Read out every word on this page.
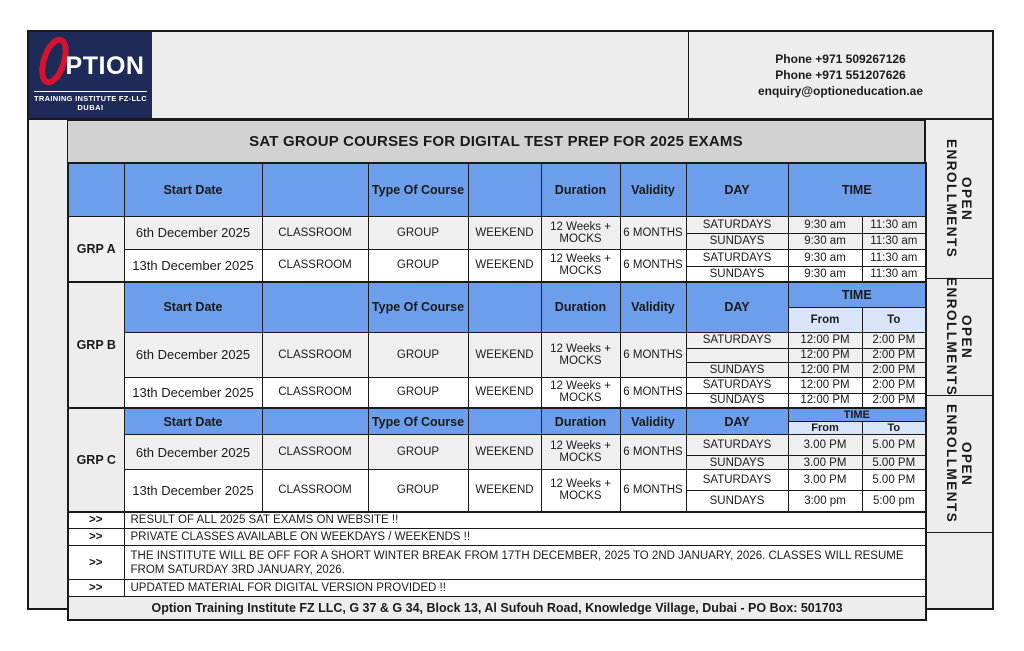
PTION
TRAINING INSTITUTE FZ-LLC
DUBAI
Phone +971 509267126
Phone +971 551207626
enquiry@optioneducation.ae
SAT GROUP COURSES FOR DIGITAL TEST PREP FOR 2025 EXAMS
	Start Date		Type Of Course		Duration	Validity	DAY	TIME	
GRP A	6th December 2025	CLASSROOM	GROUP	WEEKEND	12 Weeks + MOCKS	6 MONTHS	SATURDAYS	9:30 am	11:30 am
							SUNDAYS	9:30 am	11:30 am
	13th December 2025	CLASSROOM	GROUP	WEEKEND	12 Weeks + MOCKS	6 MONTHS	SATURDAYS	9:30 am	11:30 am
							SUNDAYS	9:30 am	11:30 am
GRP B	Start Date		Type Of Course		Duration	Validity	DAY	TIME	
								From	To
	6th December 2025	CLASSROOM	GROUP	WEEKEND	12 Weeks + MOCKS	6 MONTHS	SATURDAYS	12:00 PM	2:00 PM

								12:00 PM	2:00 PM

							SUNDAYS	12:00 PM	2:00 PM
	13th December 2025	CLASSROOM	GROUP	WEEKEND	12 Weeks + MOCKS	6 MONTHS	SATURDAYS	12:00 PM	2:00 PM
							SUNDAYS	12:00 PM	2:00 PM
GRP C	Start Date		Type Of Course		Duration	Validity	DAY	TIME	
								From	To
	6th December 2025	CLASSROOM	GROUP	WEEKEND	12 Weeks + MOCKS	6 MONTHS	SATURDAYS	3.00 PM	5.00 PM
							SUNDAYS	3.00 PM	5.00 PM
	13th December 2025	CLASSROOM	GROUP	WEEKEND	12 Weeks + MOCKS	6 MONTHS	SATURDAYS	3.00 PM	5.00 PM
							SUNDAYS	3:00 pm	5:00 pm
>>	RESULT OF ALL 2025 SAT EXAMS ON WEBSITE !!								
>>	PRIVATE CLASSES AVAILABLE ON WEEKDAYS / WEEKENDS !!								
>>	THE INSTITUTE WILL BE OFF FOR A SHORT WINTER BREAK FROM 17TH DECEMBER, 2025 TO 2ND JANUARY, 2026. CLASSES WILL RESUME FROM SATURDAY 3RD JANUARY, 2026.								
>>	UPDATED MATERIAL FOR DIGITAL VERSION PROVIDED !!								
Option Training Institute FZ LLC, G 37 & G 34, Block 13, Al Sufouh Road, Knowledge Village, Dubai - PO Box: 501703									
ENROLLMENTS OPEN
ENROLLMENTS OPEN
ENROLLMENTS OPEN
